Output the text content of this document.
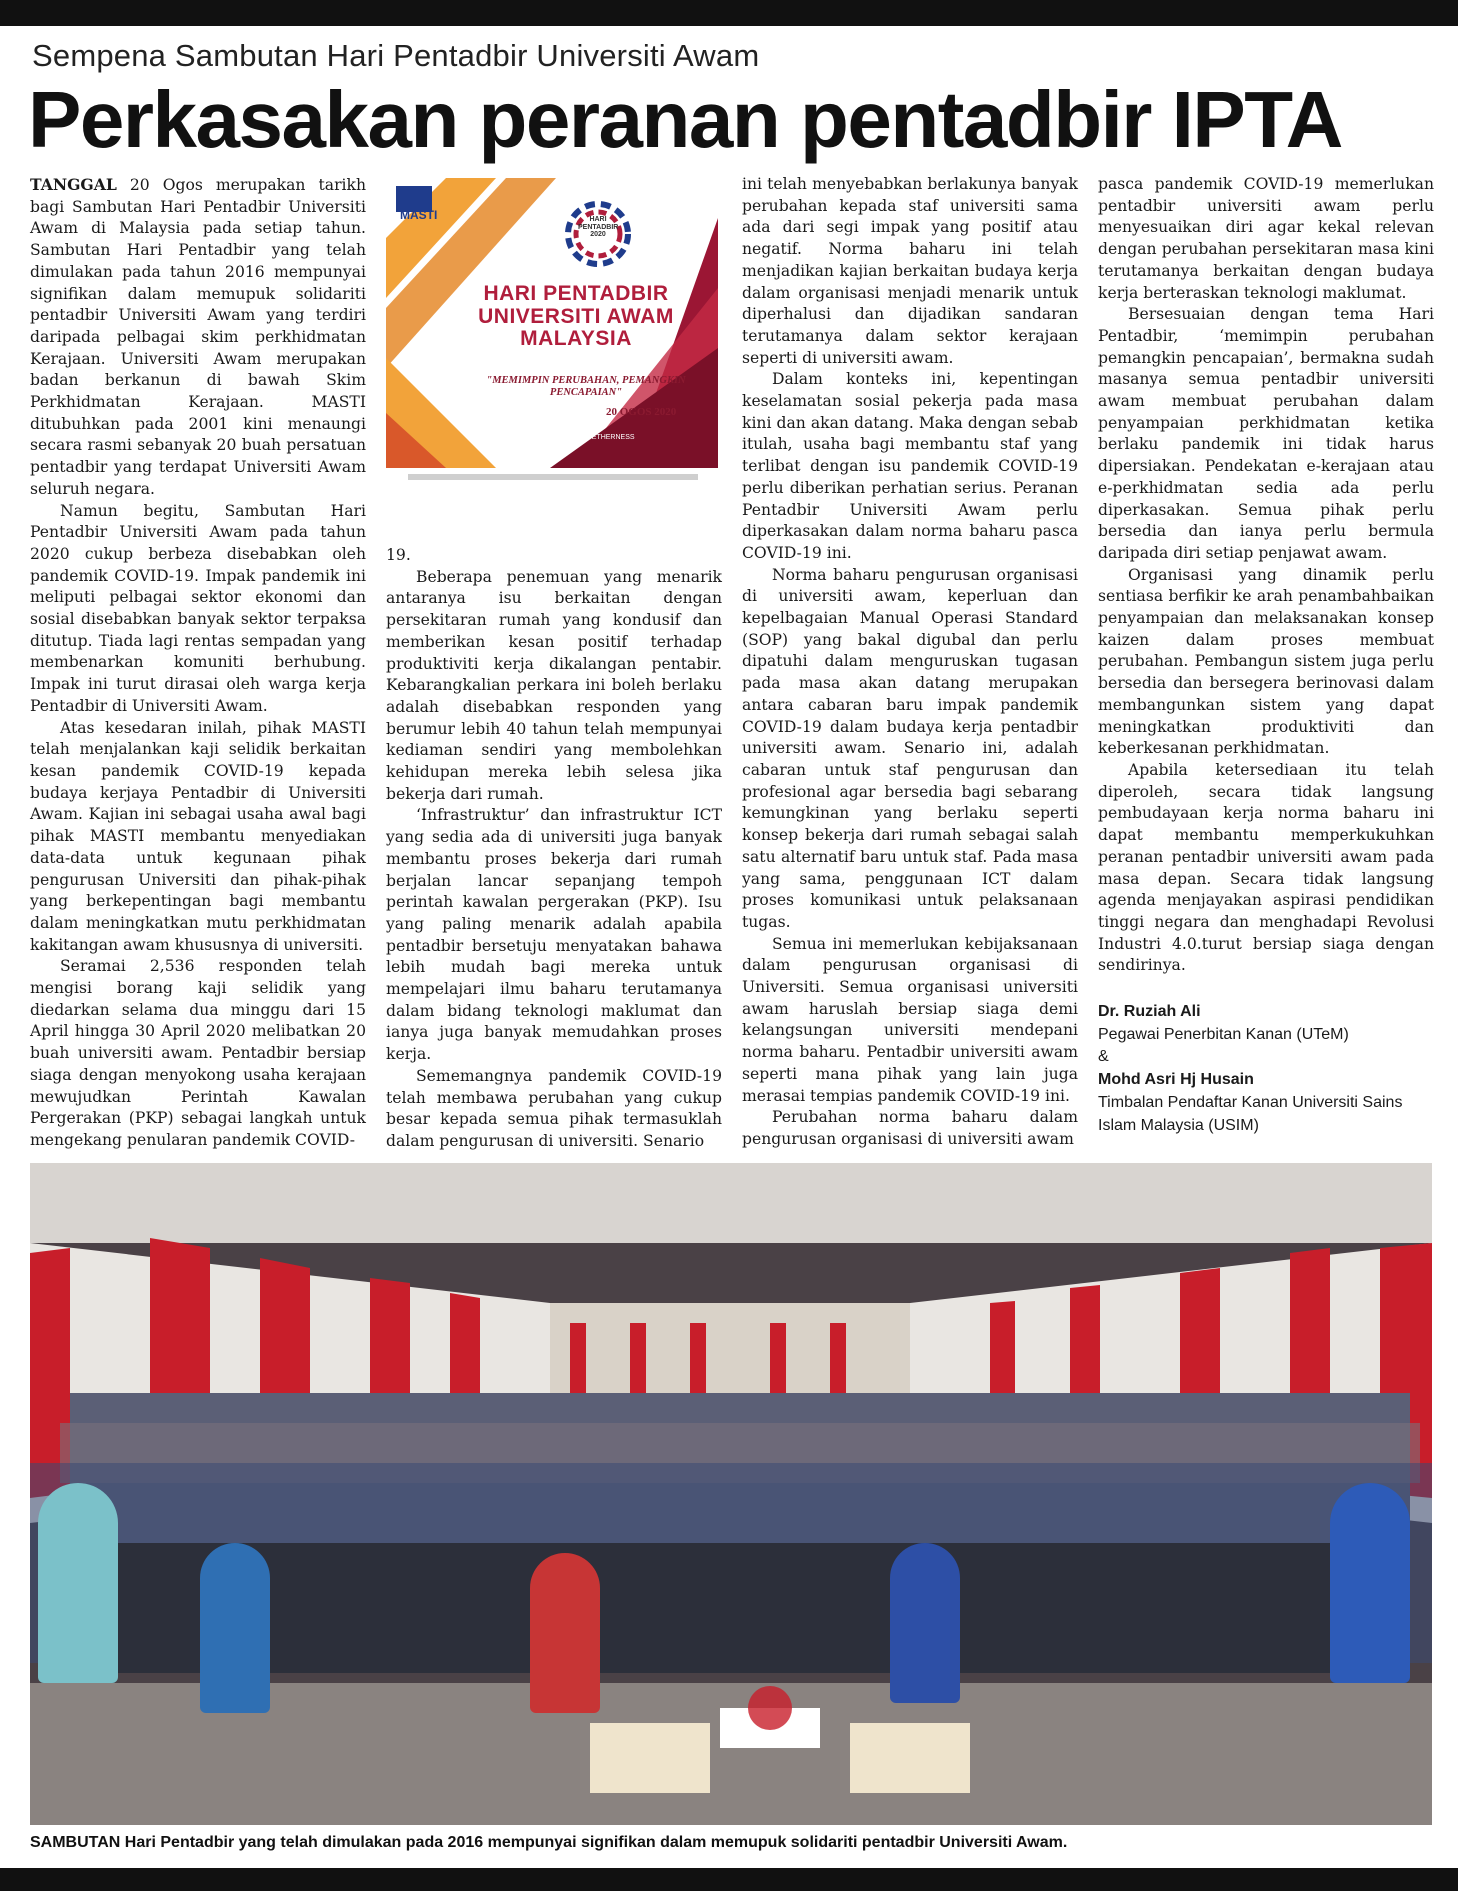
Sempena Sambutan Hari Pentadbir Universiti Awam
Perkasakan peranan pentadbir IPTA

TANGGAL 20 Ogos merupakan tarikh bagi Sambutan Hari Pentadbir Universiti Awam di Malaysia pada setiap tahun. Sambutan Hari Pentadbir yang telah dimulakan pada tahun 2016 mempunyai signifikan dalam memupuk solidariti pentadbir Universiti Awam yang terdiri daripada pelbagai skim perkhidmatan Kerajaan. Universiti Awam merupakan badan berkanun di bawah Skim Perkhidmatan Kerajaan. MASTI ditubuhkan pada 2001 kini menaungi secara rasmi sebanyak 20 buah persatuan pentadbir yang terdapat Universiti Awam seluruh negara.

Namun begitu, Sambutan Hari Pentadbir Universiti Awam pada tahun 2020 cukup berbeza disebabkan oleh pandemik COVID-19. Impak pandemik ini meliputi pelbagai sektor ekonomi dan sosial disebabkan banyak sektor terpaksa ditutup. Tiada lagi rentas sempadan yang membenarkan komuniti berhubung. Impak ini turut dirasai oleh warga kerja Pentadbir di Universiti Awam.

Atas kesedaran inilah, pihak MASTI telah menjalankan kaji selidik berkaitan kesan pandemik COVID-19 kepada budaya kerjaya Pentadbir di Universiti Awam. Kajian ini sebagai usaha awal bagi pihak MASTI membantu menyediakan data-data untuk kegunaan pihak pengurusan Universiti dan pihak-pihak yang berkepentingan bagi membantu dalam meningkatkan mutu perkhidmatan kakitangan awam khususnya di universiti.

Seramai 2,536 responden telah mengisi borang kaji selidik yang diedarkan selama dua minggu dari 15 April hingga 30 April 2020 melibatkan 20 buah universiti awam. Pentadbir bersiap siaga dengan menyokong usaha kerajaan mewujudkan Perintah Kawalan Pergerakan (PKP) sebagai langkah untuk mengekang penularan pandemik COVID-

MASTI	HARI PENTADBIR 2020
HARI PENTADBIR
UNIVERSITI AWAM
MALAYSIA
"MEMIMPIN PERUBAHAN, PEMANGKIN PENCAPAIAN"
20 OGOS 2020
# TOGETHERNESS

19.

Beberapa penemuan yang menarik antaranya isu berkaitan dengan persekitaran rumah yang kondusif dan memberikan kesan positif terhadap produktiviti kerja dikalangan pentabir. Kebarangkalian perkara ini boleh berlaku adalah disebabkan responden yang berumur lebih 40 tahun telah mempunyai kediaman sendiri yang membolehkan kehidupan mereka lebih selesa jika bekerja dari rumah.

‘Infrastruktur’ dan infrastruktur ICT yang sedia ada di universiti juga banyak membantu proses bekerja dari rumah berjalan lancar sepanjang tempoh perintah kawalan pergerakan (PKP). Isu yang paling menarik adalah apabila pentadbir bersetuju menyatakan bahawa lebih mudah bagi mereka untuk mempelajari ilmu baharu terutamanya dalam bidang teknologi maklumat dan ianya juga banyak memudahkan proses kerja.

Sememangnya pandemik COVID-19 telah membawa perubahan yang cukup besar kepada semua pihak termasuklah dalam pengurusan di universiti. Senario

ini telah menyebabkan berlakunya banyak perubahan kepada staf universiti sama ada dari segi impak yang positif atau negatif. Norma baharu ini telah menjadikan kajian berkaitan budaya kerja dalam organisasi menjadi menarik untuk diperhalusi dan dijadikan sandaran terutamanya dalam sektor kerajaan seperti di universiti awam.

Dalam konteks ini, kepentingan keselamatan sosial pekerja pada masa kini dan akan datang. Maka dengan sebab itulah, usaha bagi membantu staf yang terlibat dengan isu pandemik COVID-19 perlu diberikan perhatian serius. Peranan Pentadbir Universiti Awam perlu diperkasakan dalam norma baharu pasca COVID-19 ini.

Norma baharu pengurusan organisasi di universiti awam, keperluan dan kepelbagaian Manual Operasi Standard (SOP) yang bakal digubal dan perlu dipatuhi dalam menguruskan tugasan pada masa akan datang merupakan antara cabaran baru impak pandemik COVID-19 dalam budaya kerja pentadbir universiti awam. Senario ini, adalah cabaran untuk staf pengurusan dan profesional agar bersedia bagi sebarang kemungkinan yang berlaku seperti konsep bekerja dari rumah sebagai salah satu alternatif baru untuk staf. Pada masa yang sama, penggunaan ICT dalam proses komunikasi untuk pelaksanaan tugas.

Semua ini memerlukan kebijaksanaan dalam pengurusan organisasi di Universiti. Semua organisasi universiti awam haruslah bersiap siaga demi kelangsungan universiti mendepani norma baharu. Pentadbir universiti awam seperti mana pihak yang lain juga merasai tempias pandemik COVID-19 ini.

Perubahan norma baharu dalam pengurusan organisasi di universiti awam

pasca pandemik COVID-19 memerlukan pentadbir universiti awam perlu menyesuaikan diri agar kekal relevan dengan perubahan persekitaran masa kini terutamanya berkaitan dengan budaya kerja berteraskan teknologi maklumat.

Bersesuaian dengan tema Hari Pentadbir, ‘memimpin perubahan pemangkin pencapaian’, bermakna sudah masanya semua pentadbir universiti awam membuat perubahan dalam penyampaian perkhidmatan ketika berlaku pandemik ini tidak harus dipersiakan. Pendekatan e-kerajaan atau e-perkhidmatan sedia ada perlu diperkasakan. Semua pihak perlu bersedia dan ianya perlu bermula daripada diri setiap penjawat awam.

Organisasi yang dinamik perlu sentiasa berfikir ke arah penambahbaikan penyampaian dan melaksanakan konsep kaizen dalam proses membuat perubahan. Pembangun sistem juga perlu bersedia dan bersegera berinovasi dalam membangunkan sistem yang dapat meningkatkan produktiviti dan keberkesanan perkhidmatan.

Apabila ketersediaan itu telah diperoleh, secara tidak langsung pembudayaan kerja norma baharu ini dapat membantu memperkukuhkan peranan pentadbir universiti awam pada masa depan. Secara tidak langsung agenda menjayakan aspirasi pendidikan tinggi negara dan menghadapi Revolusi Industri 4.0.turut bersiap siaga dengan sendirinya.

Dr. Ruziah Ali
Pegawai Penerbitan Kanan (UTeM)
&
Mohd Asri Hj Husain
Timbalan Pendaftar Kanan Universiti Sains Islam Malaysia (USIM)
SAMBUTAN Hari Pentadbir yang telah dimulakan pada 2016 mempunyai signifikan dalam memupuk solidariti pentadbir Universiti Awam.
